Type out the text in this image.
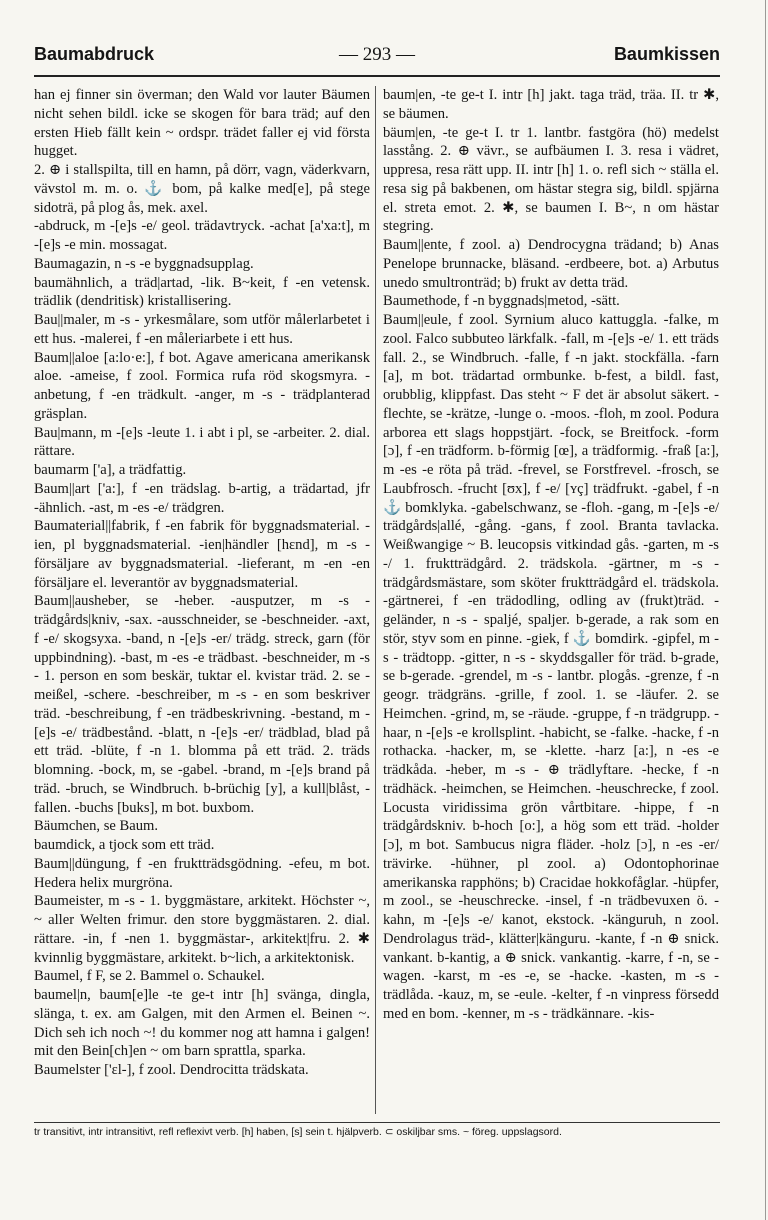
Baumabdruck	— 293 —	Baumkissen

han ej finner sin överman; den Wald vor lauter Bäumen nicht sehen bildl. icke se skogen för bara träd; auf den ersten Hieb fällt kein ~ ordspr. trädet faller ej vid första hugget.

2. ⊕ i stallspilta, till en hamn, på dörr, vagn, väderkvarn, vävstol m. m. o. ⚓ bom, på kalke med[e], på stege sidoträ, på plog ås, mek. axel.

-abdruck, m -[e]s -e/ geol. trädavtryck. -achat [a'xa:t], m -[e]s -e min. mossagat.

Baumagazin, n -s -e byggnadsupplag.

baumähnlich, a träd|artad, -lik. B~keit, f -en vetensk. trädlik (dendritisk) kristallisering.

Bau||maler, m -s - yrkesmålare, som utför målerlarbetet i ett hus. -malerei, f -en måleriarbete i ett hus.

Baum||aloe [a:lo·e:], f bot. Agave americana amerikansk aloe. -ameise, f zool. Formica rufa röd skogsmyra. -anbetung, f -en trädkult. -anger, m -s - trädplanterad gräsplan.

Bau|mann, m -[e]s -leute 1. i abt i pl, se -arbeiter. 2. dial. rättare.

baumarm ['a], a trädfattig.

Baum||art ['a:], f -en trädslag. b-artig, a trädartad, jfr -ähnlich. -ast, m -es -e/ trädgren.

Baumaterial||fabrik, f -en fabrik för byggnadsmaterial. -ien, pl byggnadsmaterial. -ien|händler [hɛnd], m -s - försäljare av byggnadsmaterial. -lieferant, m -en -en försäljare el. leverantör av byggnadsmaterial.

Baum||ausheber, se -heber. -ausputzer, m -s - trädgårds|kniv, -sax. -ausschneider, se -beschneider. -axt, f -e/ skogsyxa. -band, n -[e]s -er/ trädg. streck, garn (för uppbindning). -bast, m -es -e trädbast. -beschneider, m -s - 1. person en som beskär, tuktar el. kvistar träd. 2. se -meißel, -schere. -beschreiber, m -s - en som beskriver träd. -beschreibung, f -en trädbeskrivning. -bestand, m -[e]s -e/ trädbestånd. -blatt, n -[e]s -er/ trädblad, blad på ett träd. -blüte, f -n 1. blomma på ett träd. 2. träds blomning. -bock, m, se -gabel. -brand, m -[e]s brand på träd. -bruch, se Windbruch. b-brüchig [y], a kull|blåst, -fallen. -buchs [buks], m bot. buxbom.

Bäumchen, se Baum.

baumdick, a tjock som ett träd.

Baum||düngung, f -en fruktträdsgödning. -efeu, m bot. Hedera helix murgröna.

Baumeister, m -s - 1. byggmästare, arkitekt. Höchster ~, ~ aller Welten frimur. den store byggmästaren. 2. dial. rättare. -in, f -nen 1. byggmästar-, arkitekt|fru. 2. ✱ kvinnlig byggmästare, arkitekt. b~lich, a arkitektonisk.

Baumel, f F, se 2. Bammel o. Schaukel.

baumel|n, baum[e]le -te ge-t intr [h] svänga, dingla, slänga, t. ex. am Galgen, mit den Armen el. Beinen ~. Dich seh ich noch ~! du kommer nog att hamna i galgen! mit den Bein[ch]en ~ om barn sprattla, sparka.

Baumelster ['ɛl-], f zool. Dendrocitta trädskata.

baum|en, -te ge-t I. intr [h] jakt. taga träd, träa. II. tr ✱, se bäumen.

bäum|en, -te ge-t I. tr 1. lantbr. fastgöra (hö) medelst lasstång. 2. ⊕ vävr., se aufbäumen I. 3. resa i vädret, uppresa, resa rätt upp. II. intr [h] 1. o. refl sich ~ ställa el. resa sig på bakbenen, om hästar stegra sig, bildl. spjärna el. streta emot. 2. ✱, se baumen I. B~, n om hästar stegring.

Baum||ente, f zool. a) Dendrocygna trädand; b) Anas Penelope brunnacke, bläsand. -erdbeere, bot. a) Arbutus unedo smultronträd; b) frukt av detta träd.

Baumethode, f -n byggnads|metod, -sätt.

Baum||eule, f zool. Syrnium aluco kattuggla. -falke, m zool. Falco subbuteo lärkfalk. -fall, m -[e]s -e/ 1. ett träds fall. 2., se Windbruch. -falle, f -n jakt. stockfälla. -farn [a], m bot. trädartad ormbunke. b-fest, a bildl. fast, orubblig, klippfast. Das steht ~ F det är absolut säkert. -flechte, se -krätze, -lunge o. -moos. -floh, m zool. Podura arborea ett slags hoppstjärt. -fock, se Breitfock. -form [ɔ], f -en trädform. b-förmig [œ], a trädformig. -fraß [a:], m -es -e röta på träd. -frevel, se Forstfrevel. -frosch, se Laubfrosch. -frucht [ʊx], f -e/ [ʏç] trädfrukt. -gabel, f -n ⚓ bomklyka. -gabelschwanz, se -floh. -gang, m -[e]s -e/ trädgårds|allé, -gång. -gans, f zool. Branta tavlacka. Weißwangige ~ B. leucopsis vitkindad gås. -garten, m -s -/ 1. fruktträdgård. 2. trädskola. -gärtner, m -s - trädgårdsmästare, som sköter fruktträdgård el. trädskola. -gärtnerei, f -en trädodling, odling av (frukt)träd. -geländer, n -s - spaljé, spaljer. b-gerade, a rak som en stör, styv som en pinne. -giek, f ⚓ bomdirk. -gipfel, m -s - trädtopp. -gitter, n -s - skyddsgaller för träd. b-grade, se b-gerade. -grendel, m -s - lantbr. plogås. -grenze, f -n geogr. trädgräns. -grille, f zool. 1. se -läufer. 2. se Heimchen. -grind, m, se -räude. -gruppe, f -n trädgrupp. -haar, n -[e]s -e krollsplint. -habicht, se -falke. -hacke, f -n rothacka. -hacker, m, se -klette. -harz [a:], n -es -e trädkåda. -heber, m -s - ⊕ trädlyftare. -hecke, f -n trädhäck. -heimchen, se Heimchen. -heuschrecke, f zool. Locusta viridissima grön vårtbitare. -hippe, f -n trädgårdskniv. b-hoch [o:], a hög som ett träd. -holder [ɔ], m bot. Sambucus nigra fläder. -holz [ɔ], n -es -er/ trävirke. -hühner, pl zool. a) Odontophorinae amerikanska rapphöns; b) Cracidae hokkofåglar. -hüpfer, m zool., se -heuschrecke. -insel, f -n trädbevuxen ö. -kahn, m -[e]s -e/ kanot, ekstock. -känguruh, n zool. Dendrolagus träd-, klätter|känguru. -kante, f -n ⊕ snick. vankant. b-kantig, a ⊕ snick. vankantig. -karre, f -n, se -wagen. -karst, m -es -e, se -hacke. -kasten, m -s - trädlåda. -kauz, m, se -eule. -kelter, f -n vinpress försedd med en bom. -kenner, m -s - trädkännare. -kis-

tr transitivt, intr intransitivt, refl reflexivt verb. [h] haben, [s] sein t. hjälpverb. ⊂ oskiljbar sms. ~ föreg. uppslagsord.
